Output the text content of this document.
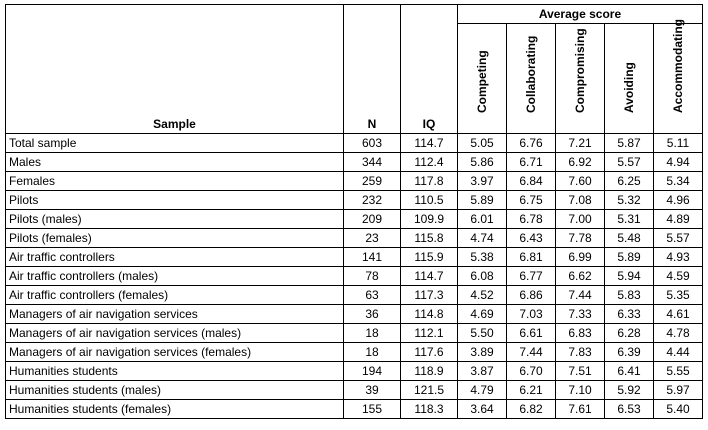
Sample	N	IQ	Average score				

			Competing	Collaborating	Compromising	Avoiding	Accommodating

Total sample	603	114.7	5.05	6.76	7.21	5.87	5.11
Males	344	112.4	5.86	6.71	6.92	5.57	4.94
Females	259	117.8	3.97	6.84	7.60	6.25	5.34
Pilots	232	110.5	5.89	6.75	7.08	5.32	4.96
Pilots (males)	209	109.9	6.01	6.78	7.00	5.31	4.89
Pilots (females)	23	115.8	4.74	6.43	7.78	5.48	5.57
Air traffic controllers	141	115.9	5.38	6.81	6.99	5.89	4.93
Air traffic controllers (males)	78	114.7	6.08	6.77	6.62	5.94	4.59
Air traffic controllers (females)	63	117.3	4.52	6.86	7.44	5.83	5.35
Managers of air navigation services	36	114.8	4.69	7.03	7.33	6.33	4.61
Managers of air navigation services (males)	18	112.1	5.50	6.61	6.83	6.28	4.78
Managers of air navigation services (females)	18	117.6	3.89	7.44	7.83	6.39	4.44
Humanities students	194	118.9	3.87	6.70	7.51	6.41	5.55
Humanities students (males)	39	121.5	4.79	6.21	7.10	5.92	5.97
Humanities students (females)	155	118.3	3.64	6.82	7.61	6.53	5.40
